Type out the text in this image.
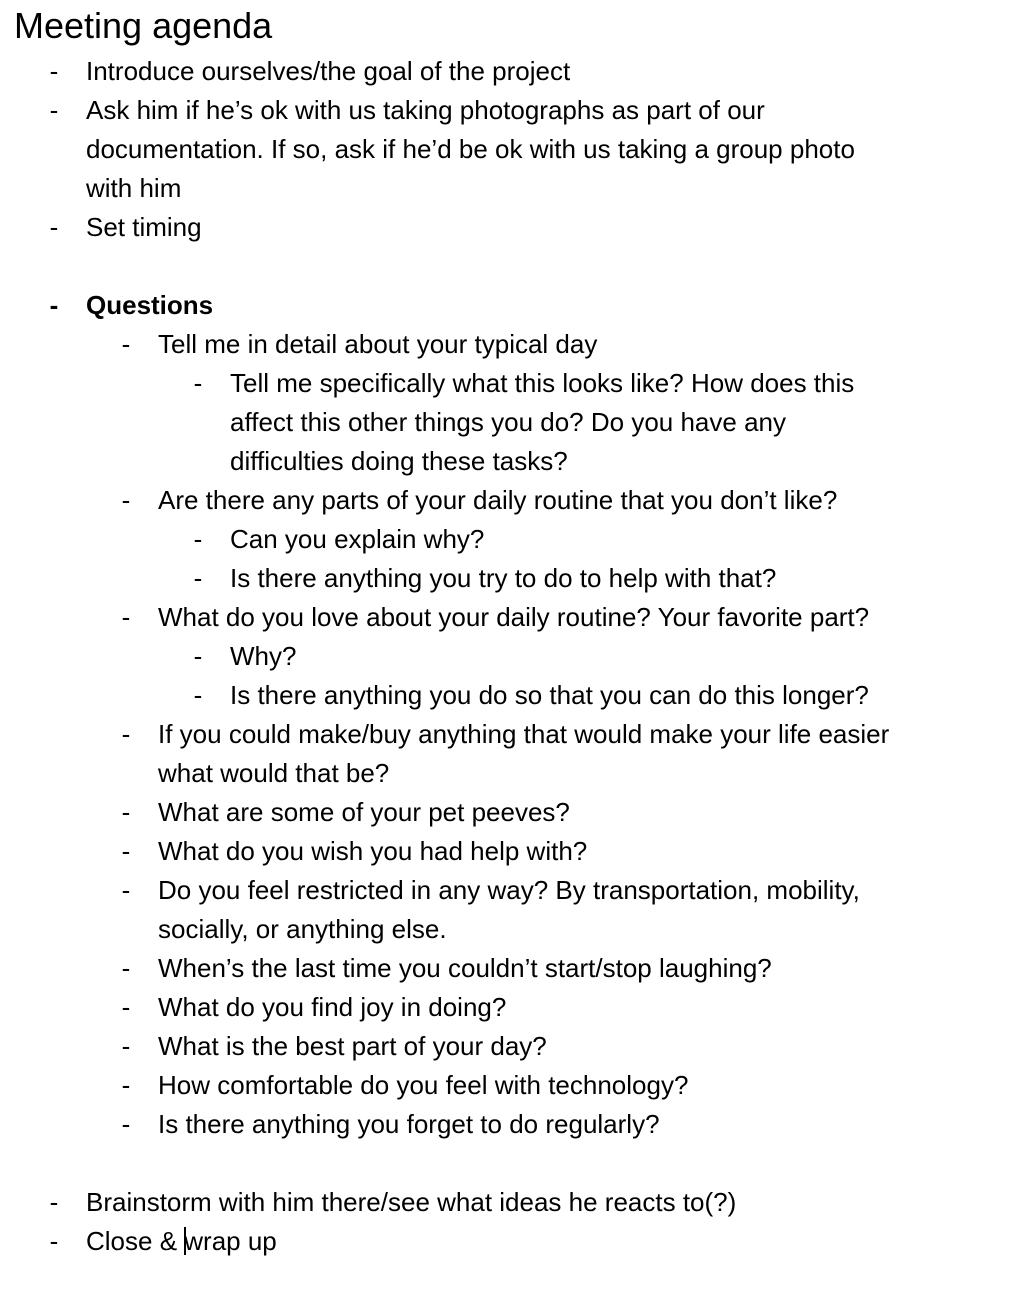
Meeting agenda
- Introduce ourselves/the goal of the project
- Ask him if he’s ok with us taking photographs as part of our
documentation. If so, ask if he’d be ok with us taking a group photo
with him
- Set timing
- Questions
- Tell me in detail about your typical day
- Tell me specifically what this looks like? How does this
affect this other things you do? Do you have any
difficulties doing these tasks?
- Are there any parts of your daily routine that you don’t like?
- Can you explain why?
- Is there anything you try to do to help with that?
- What do you love about your daily routine? Your favorite part?
- Why?
- Is there anything you do so that you can do this longer?
- If you could make/buy anything that would make your life easier
what would that be?
- What are some of your pet peeves?
- What do you wish you had help with?
- Do you feel restricted in any way? By transportation, mobility,
socially, or anything else.
- When’s the last time you couldn’t start/stop laughing?
- What do you find joy in doing?
- What is the best part of your day?
- How comfortable do you feel with technology?
- Is there anything you forget to do regularly?
- Brainstorm with him there/see what ideas he reacts to(?)
- Close & wrap up
